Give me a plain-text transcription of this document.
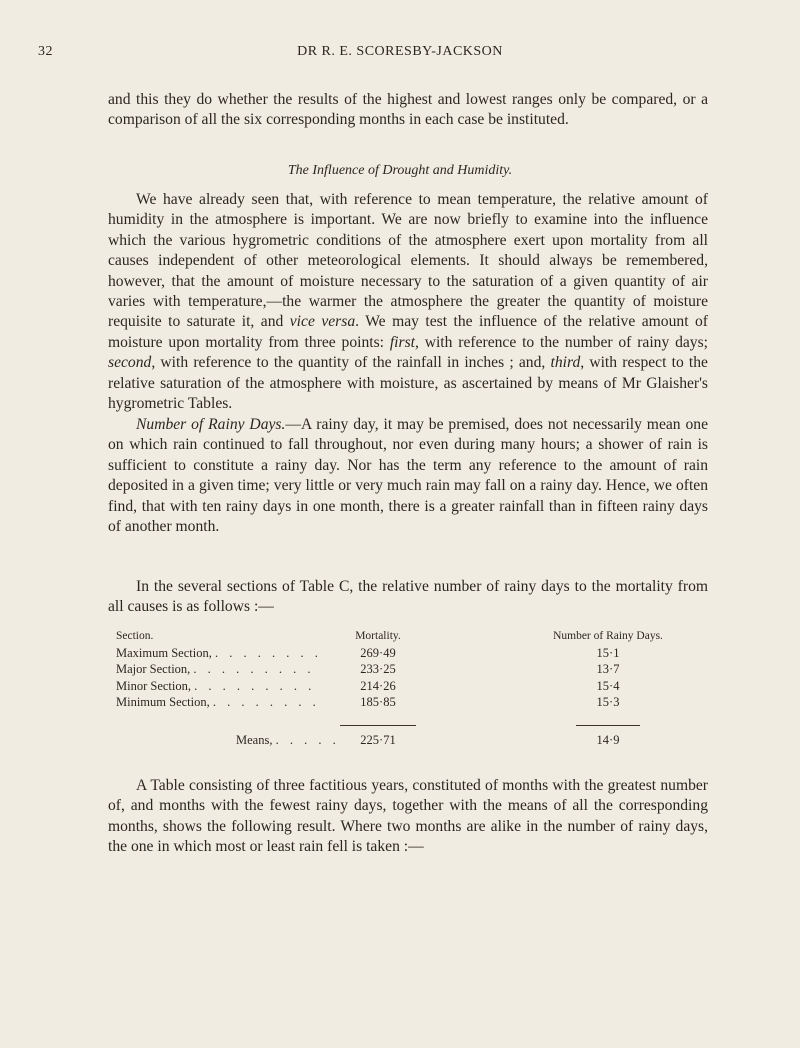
32	DR R. E. SCORESBY-JACKSON
and this they do whether the results of the highest and lowest ranges only be compared, or a comparison of all the six corresponding months in each case be instituted.
The Influence of Drought and Humidity.
We have already seen that, with reference to mean temperature, the relative amount of humidity in the atmosphere is important. We are now briefly to examine into the influence which the various hygrometric conditions of the atmosphere exert upon mortality from all causes independent of other meteorological elements. It should always be remembered, however, that the amount of moisture necessary to the saturation of a given quantity of air varies with temperature,—the warmer the atmosphere the greater the quantity of moisture requisite to saturate it, and vice versa. We may test the influence of the relative amount of moisture upon mortality from three points: first, with reference to the number of rainy days; second, with reference to the quantity of the rainfall in inches ; and, third, with respect to the relative saturation of the atmosphere with moisture, as ascertained by means of Mr Glaisher's hygrometric Tables.
Number of Rainy Days.—A rainy day, it may be premised, does not necessarily mean one on which rain continued to fall throughout, nor even during many hours; a shower of rain is sufficient to constitute a rainy day. Nor has the term any reference to the amount of rain deposited in a given time; very little or very much rain may fall on a rainy day. Hence, we often find, that with ten rainy days in one month, there is a greater rainfall than in fifteen rainy days of another month.
In the several sections of Table C, the relative number of rainy days to the mortality from all causes is as follows :—
Section.	Mortality.	Number of Rainy Days.
Maximum Section, . . . . . . . .	269·49	15·1
Major Section, . . . . . . . . .	233·25	13·7
Minor Section, . . . . . . . . .	214·26	15·4
Minimum Section, . . . . . . . .	185·85	15·3
Means, . . . . .	225·71	14·9
A Table consisting of three factitious years, constituted of months with the greatest number of, and months with the fewest rainy days, together with the means of all the corresponding months, shows the following result. Where two months are alike in the number of rainy days, the one in which most or least rain fell is taken :—
